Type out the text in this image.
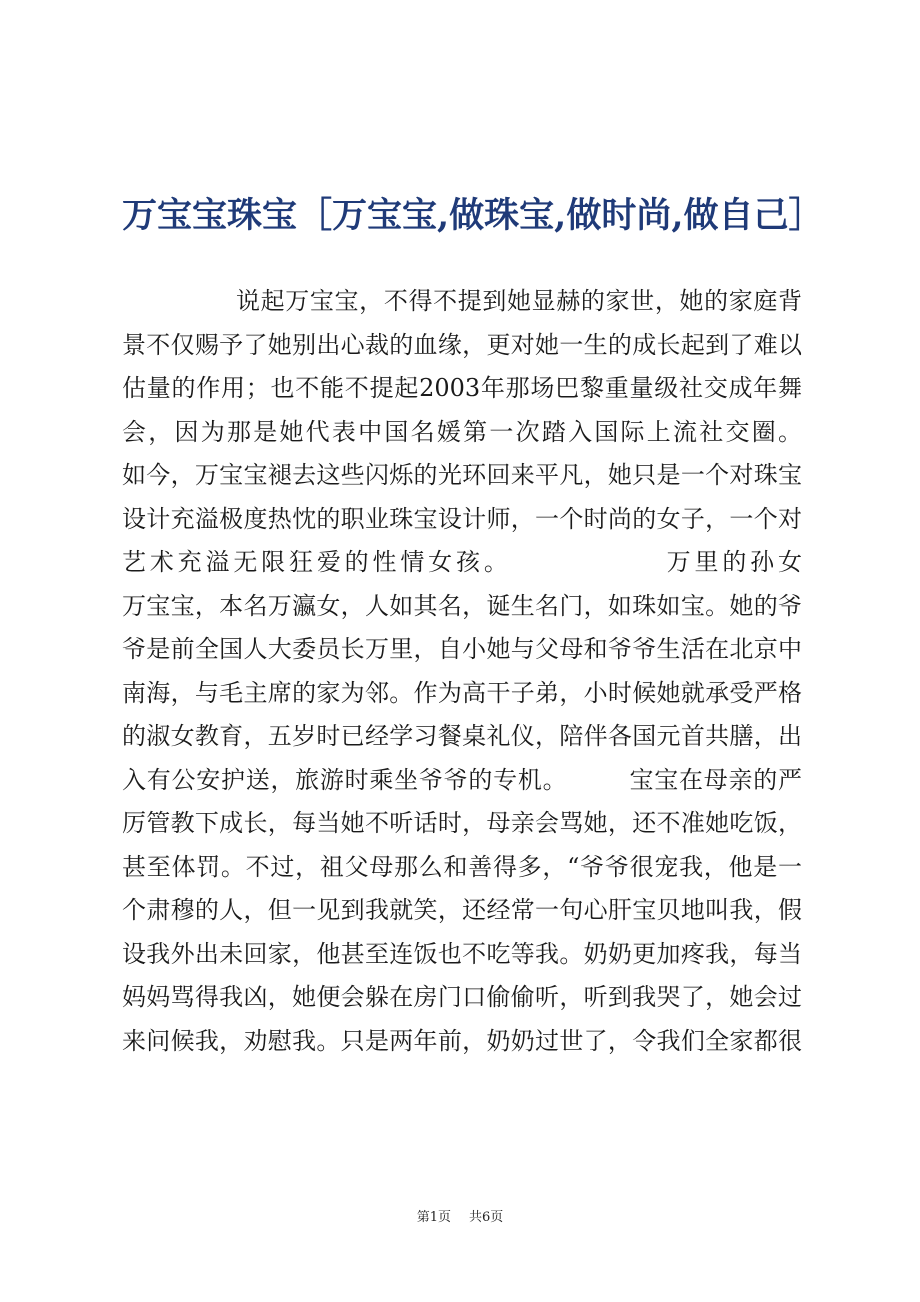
万宝宝珠宝［万宝宝,做珠宝,做时尚,做自己］
说起万宝宝，不得不提到她显赫的家世，她的家庭背
景不仅赐予了她别出心裁的血缘，更对她一生的成长起到了难以
估量的作用；也不能不提起2003年那场巴黎重量级社交成年舞
会，因为那是她代表中国名媛第一次踏入国际上流社交圈。
如今，万宝宝褪去这些闪烁的光环回来平凡，她只是一个对珠宝
设计充溢极度热忱的职业珠宝设计师，一个时尚的女子，一个对
艺术充溢无限狂爱的性情女孩。　　　　　　万里的孙女
万宝宝，本名万瀛女，人如其名，诞生名门，如珠如宝。她的爷
爷是前全国人大委员长万里，自小她与父母和爷爷生活在北京中
南海，与毛主席的家为邻。作为高干子弟，小时候她就承受严格
的淑女教育，五岁时已经学习餐桌礼仪，陪伴各国元首共膳，出
入有公安护送，旅游时乘坐爷爷的专机。　　　宝宝在母亲的严
厉管教下成长，每当她不听话时，母亲会骂她，还不准她吃饭，
甚至体罚。不过，祖父母那么和善得多，“爷爷很宠我，他是一
个肃穆的人，但一见到我就笑，还经常一句心肝宝贝地叫我，假
设我外出未回家，他甚至连饭也不吃等我。奶奶更加疼我，每当
妈妈骂得我凶，她便会躲在房门口偷偷听，听到我哭了，她会过
来问候我，劝慰我。只是两年前，奶奶过世了，令我们全家都很
第1页 共6页
